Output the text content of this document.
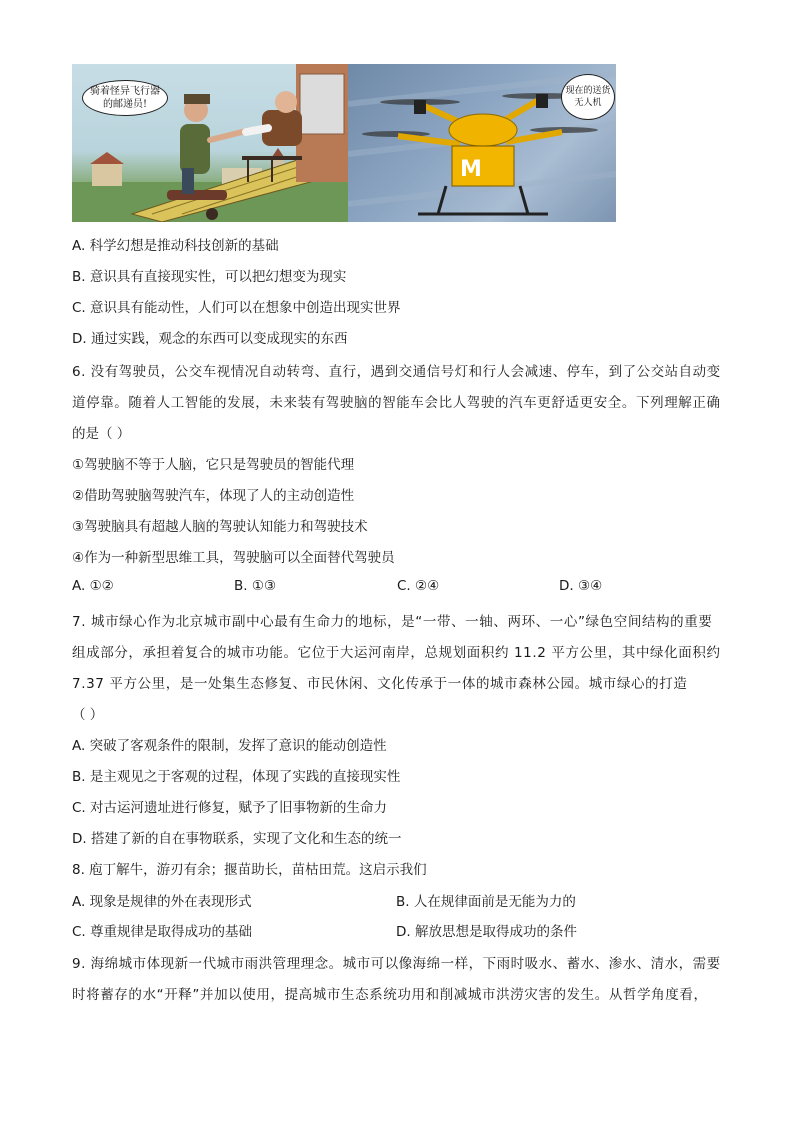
骑着怪异飞行器的邮递员!
M
现在的送货无人机
A. 科学幻想是推动科技创新的基础
B. 意识具有直接现实性，可以把幻想变为现实
C. 意识具有能动性，人们可以在想象中创造出现实世界
D. 通过实践，观念的东西可以变成现实的东西
6. 没有驾驶员，公交车视情况自动转弯、直行，遇到交通信号灯和行人会减速、停车，到了公交站自动变
道停靠。随着人工智能的发展，未来装有驾驶脑的智能车会比人驾驶的汽车更舒适更安全。下列理解正确
的是（ ）
①驾驶脑不等于人脑，它只是驾驶员的智能代理
②借助驾驶脑驾驶汽车，体现了人的主动创造性
③驾驶脑具有超越人脑的驾驶认知能力和驾驶技术
④作为一种新型思维工具，驾驶脑可以全面替代驾驶员
A. ①②	B. ①③	C. ②④	D. ③④
7. 城市绿心作为北京城市副中心最有生命力的地标，是“一带、一轴、两环、一心”绿色空间结构的重要
组成部分，承担着复合的城市功能。它位于大运河南岸，总规划面积约 11.2 平方公里，其中绿化面积约
7.37 平方公里，是一处集生态修复、市民休闲、文化传承于一体的城市森林公园。城市绿心的打造
（ ）
A. 突破了客观条件的限制，发挥了意识的能动创造性
B. 是主观见之于客观的过程，体现了实践的直接现实性
C. 对古运河遗址进行修复，赋予了旧事物新的生命力
D. 搭建了新的自在事物联系，实现了文化和生态的统一
8. 庖丁解牛，游刃有余；揠苗助长，苗枯田荒。这启示我们
A. 现象是规律的外在表现形式	B. 人在规律面前是无能为力的
C. 尊重规律是取得成功的基础	D. 解放思想是取得成功的条件
9. 海绵城市体现新一代城市雨洪管理理念。城市可以像海绵一样，下雨时吸水、蓄水、渗水、清水，需要
时将蓄存的水“开释”并加以使用，提高城市生态系统功用和削减城市洪涝灾害的发生。从哲学角度看，
